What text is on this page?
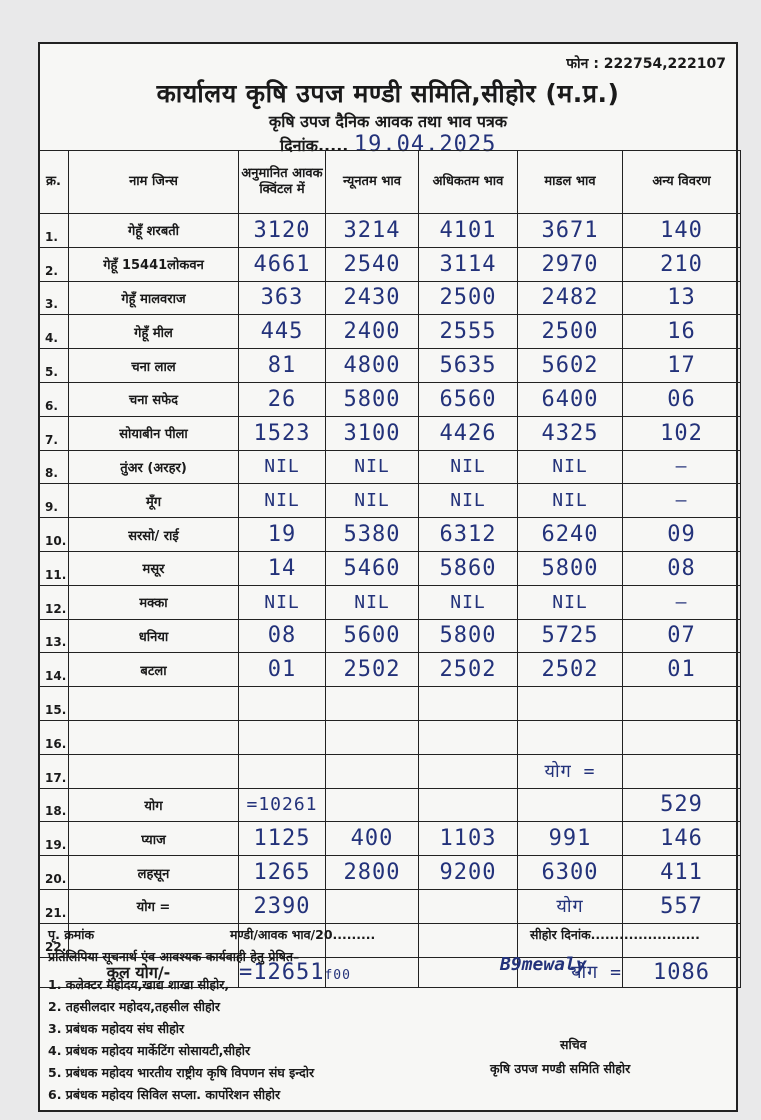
फोन : 222754,222107
कार्यालय कृषि उपज मण्डी समिति,सीहोर (म.प्र.)
कृषि उपज दैनिक आवक तथा भाव पत्रक
दिनांक..... 19.04.2025
क्र.	नाम जिन्स	अनुमानित आवक क्विंटल में	न्यूनतम भाव	अधिकतम भाव	माडल भाव	अन्य विवरण
1.	गेहूँ शरबती	3120	3214	4101	3671	140
2.	गेहूँ 15441लोकवन	4661	2540	3114	2970	210
3.	गेहूँ मालवराज	363	2430	2500	2482	13
4.	गेहूँ मील	445	2400	2555	2500	16
5.	चना लाल	81	4800	5635	5602	17
6.	चना सफेद	26	5800	6560	6400	06
7.	सोयाबीन पीला	1523	3100	4426	4325	102
8.	तुंअर (अरहर)	NIL	NIL	NIL	NIL	—
9.	मूँग	NIL	NIL	NIL	NIL	—
10.	सरसो/ राई	19	5380	6312	6240	09
11.	मसूर	14	5460	5860	5800	08
12.	मक्का	NIL	NIL	NIL	NIL	—
13.	धनिया	08	5600	5800	5725	07
14.	बटला	01	2502	2502	2502	01
15.						
16.						
17.					योग =	
18.	योग	=10261				529
19.	प्याज	1125	400	1103	991	146
20.	लहसून	1265	2800	9200	6300	411
21.	योग =	2390			योग	557
22.						
कुल योग/-		=12651f00			योग =	1086
पृ. क्रमांक	मण्डी/आवक भाव/20.........	सीहोर दिनांक.......................
प्रतिलिपिया सूचनार्थ एंव आवश्यक कार्यवाही हेतु प्रेषित–	B9mewaly
1. कलेक्टर महोदय,खाद्य शाखा सीहोर,
2. तहसीलदार महोदय,तहसील सीहोर
3. प्रबंधक महोदय संघ सीहोर
4. प्रबंधक महोदय मार्केटिंग सोसायटी,सीहोर
5. प्रबंधक महोदय भारतीय राष्ट्रीय कृषि विपणन संघ इन्दोर
6. प्रबंधक महोदय सिविल सप्ला. कार्पोरेशन सीहोर
सचिव
कृषि उपज मण्डी समिति सीहोर
